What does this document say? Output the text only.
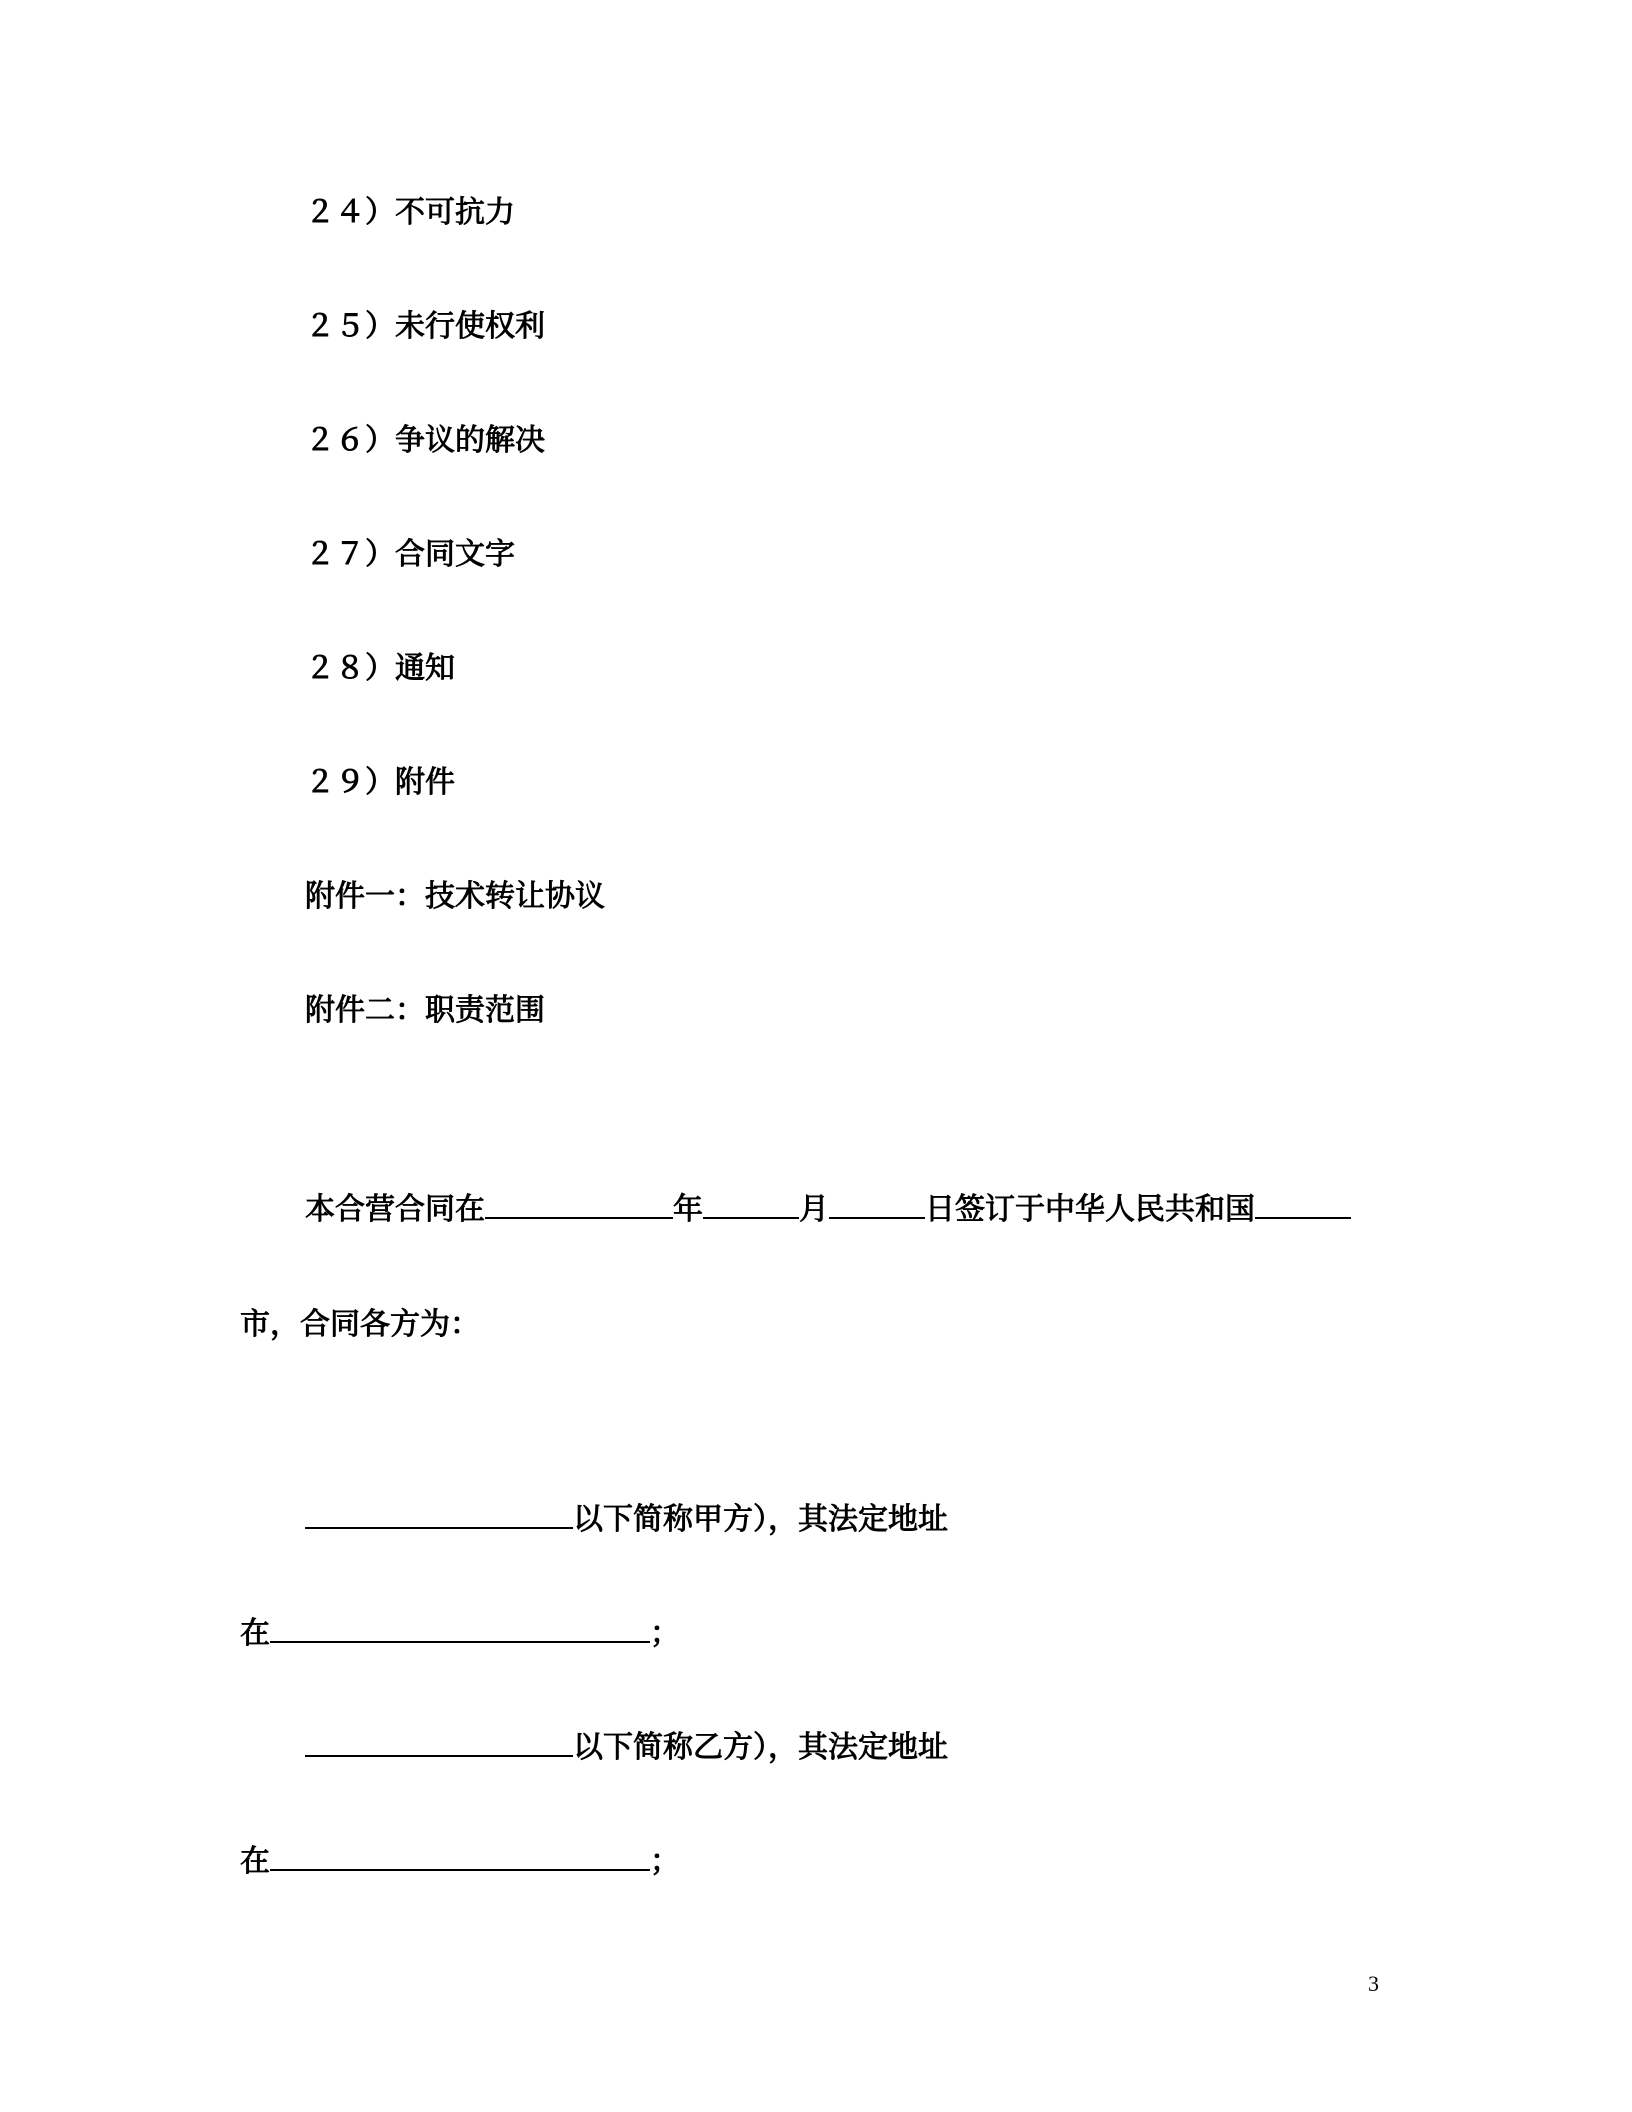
２４）不可抗力
２５）未行使权利
２６）争议的解决
２７）合同文字
２８）通知
２９）附件
附件一：技术转让协议
附件二：职责范围
本合营合同在	年	月	日签订于中华人民共和国
市，合同各方为：
以下简称甲方），其法定地址
在	；
以下简称乙方），其法定地址
在	；
3
